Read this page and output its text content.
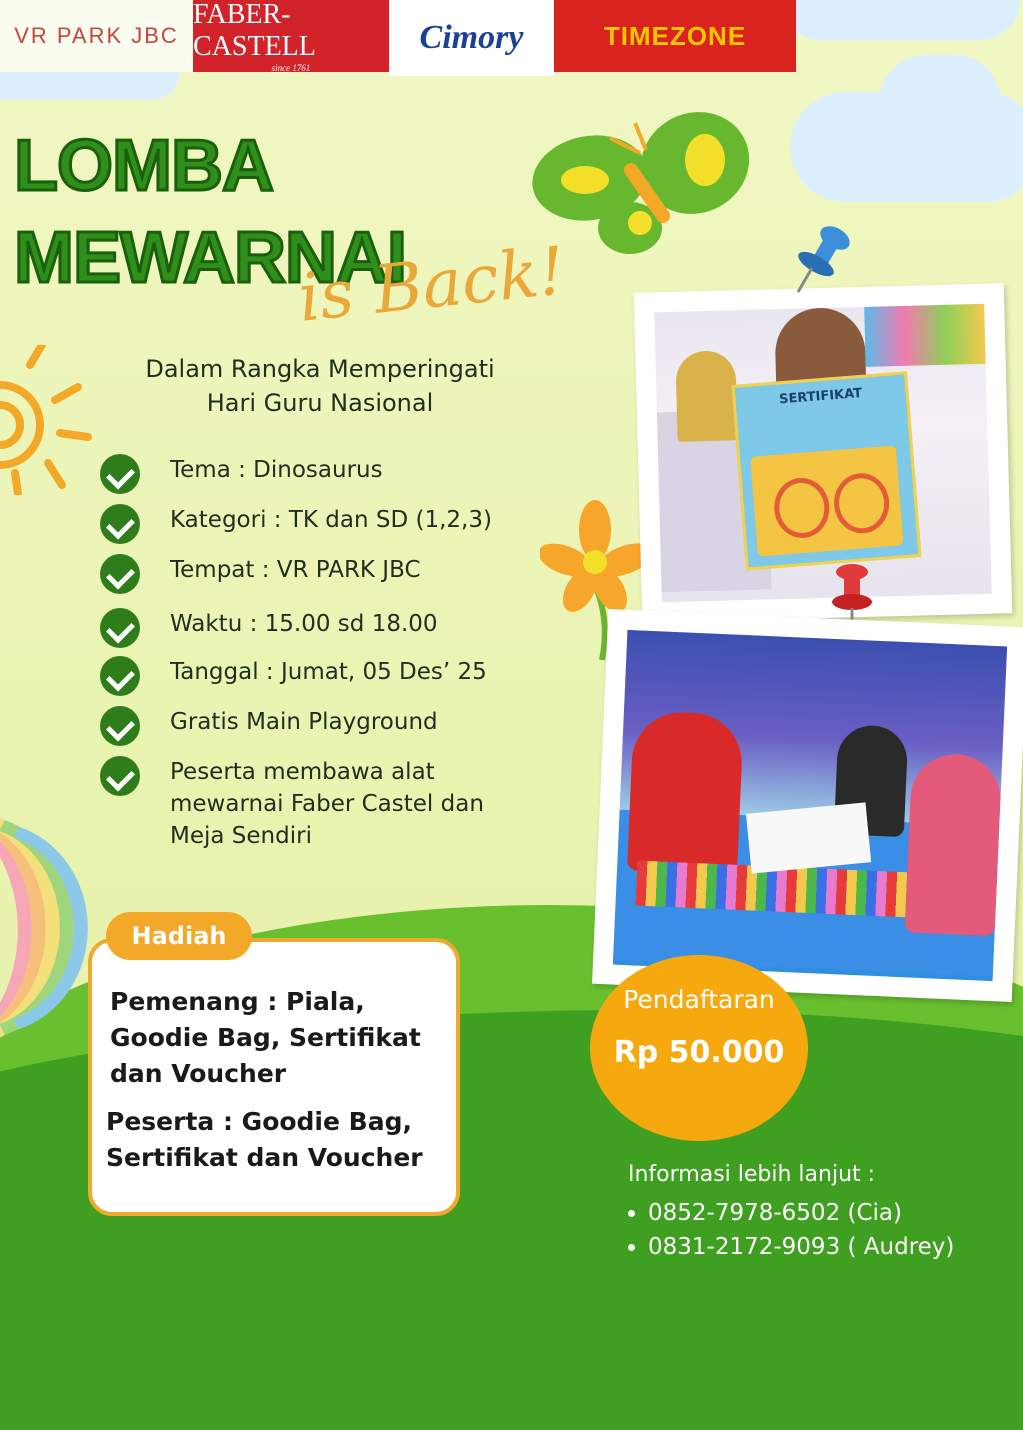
VR PARK JBC
FABER-CASTELL
since 1761
Cimory	TIMEZONE
LOMBA
MEWARNAI
is Back!
Dalam Rangka Memperingati
Hari Guru Nasional
Tema : Dinosaurus
Kategori : TK dan SD (1,2,3)
Tempat : VR PARK JBC
Waktu : 15.00 sd 18.00
Tanggal : Jumat, 05 Des’ 25
Gratis Main Playground
Peserta membawa alat mewarnai Faber Castel dan Meja Sendiri
SERTIFIKAT
Pemenang : Piala, Goodie Bag, Sertifikat dan Voucher
Peserta : Goodie Bag, Sertifikat dan Voucher
Hadiah
Pendaftaran
Rp 50.000
Informasi lebih lanjut :
• 0852-7978-6502 (Cia)
• 0831-2172-9093 ( Audrey)
